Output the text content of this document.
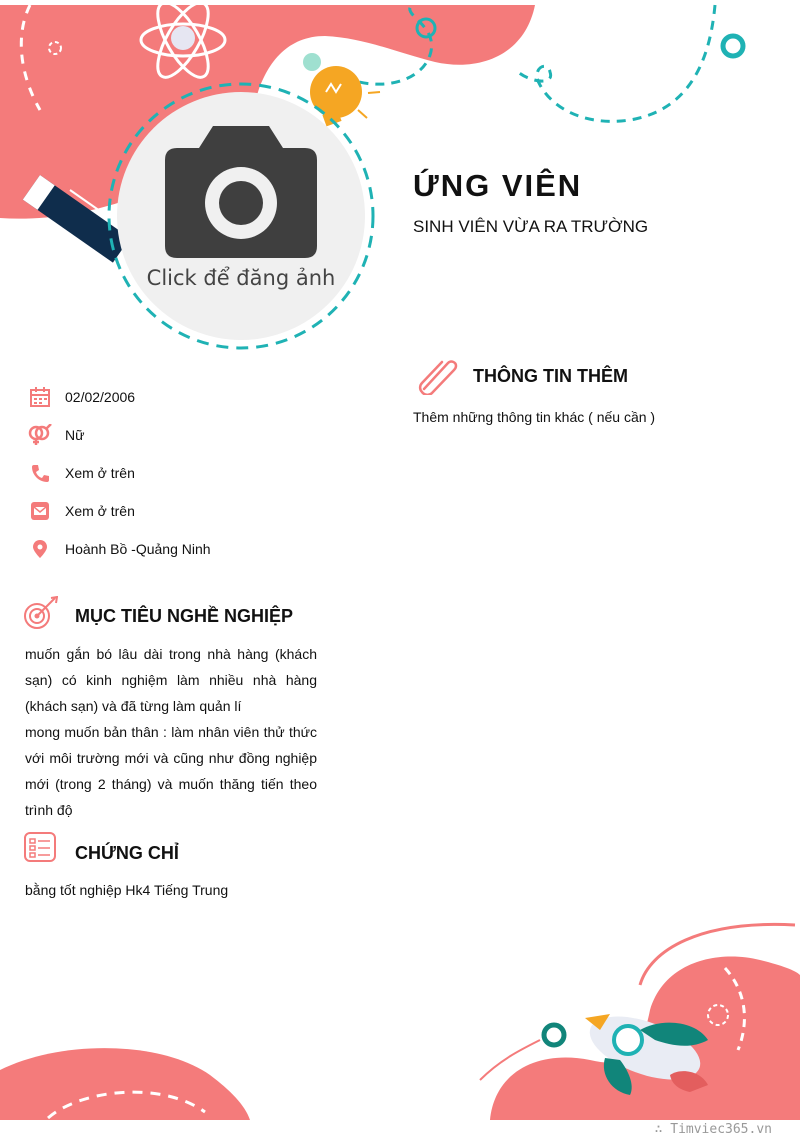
Click để đăng ảnh
ỨNG VIÊN
SINH VIÊN VỪA RA TRƯỜNG
02/02/2006
Nữ
Xem ở trên
Xem ở trên
Hoành Bồ -Quảng Ninh
MỤC TIÊU NGHỀ NGHIỆP
muốn gắn bó lâu dài trong nhà hàng (khách sạn) có kinh nghiệm làm nhiều nhà hàng (khách sạn) và đã từng làm quản lí
mong muốn bản thân : làm nhân viên thử thức với môi trường mới và cũng như đồng nghiệp mới (trong 2 tháng) và muốn thăng tiến theo trình độ
CHỨNG CHỈ
bằng tốt nghiệp Hk4 Tiếng Trung
THÔNG TIN THÊM
Thêm những thông tin khác ( nếu cần )
∴ Timviec365.vn
